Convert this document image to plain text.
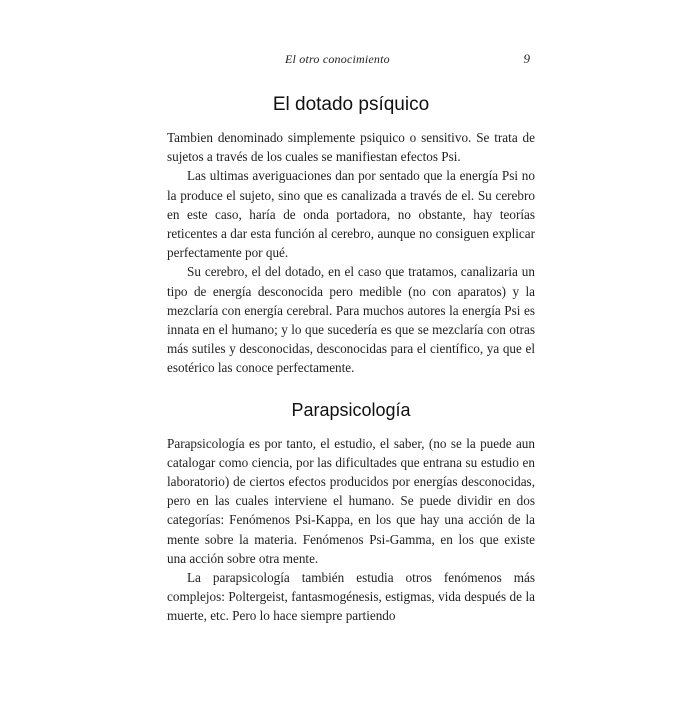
El otro conocimiento	9
El dotado psíquico

Tambien denominado simplemente psiquico o sensitivo. Se trata de sujetos a través de los cuales se manifiestan efectos Psi.

Las ultimas averiguaciones dan por sentado que la energía Psi no la produce el sujeto, sino que es canalizada a través de el. Su cerebro en este caso, haría de onda portadora, no obstante, hay teorías reticentes a dar esta función al cerebro, aunque no consiguen explicar perfectamente por qué.

Su cerebro, el del dotado, en el caso que tratamos, canalizaria un tipo de energía desconocida pero medible (no con aparatos) y la mezclaría con energía cerebral. Para muchos autores la energía Psi es innata en el humano; y lo que sucedería es que se mezclaría con otras más sutiles y desconocidas, desconocidas para el científico, ya que el esotérico las conoce perfectamente.

Parapsicología

Parapsicología es por tanto, el estudio, el saber, (no se la puede aun catalogar como ciencia, por las dificultades que entrana su estudio en laboratorio) de ciertos efectos producidos por energías desconocidas, pero en las cuales interviene el humano. Se puede dividir en dos categorías: Fenómenos Psi-Kappa, en los que hay una acción de la mente sobre la materia. Fenómenos Psi-Gamma, en los que existe una acción sobre otra mente.

La parapsicología también estudia otros fenómenos más complejos: Poltergeist, fantasmogénesis, estigmas, vida después de la muerte, etc. Pero lo hace siempre partiendo
